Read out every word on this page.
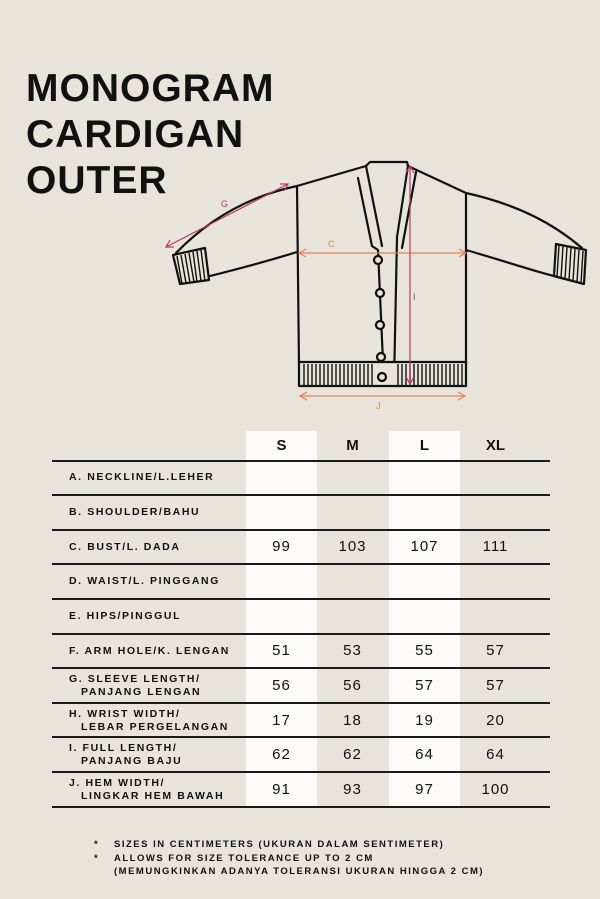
MONOGRAM
CARDIGAN
OUTER
G
C
I
J
S	M	L	XL
A. NECKLINE/L.LEHER
B. SHOULDER/BAHU
C. BUST/L. DADA	99	103	107	111
D. WAIST/L. PINGGANG
E. HIPS/PINGGUL
F. ARM HOLE/K. LENGAN	51	53	55	57
G. SLEEVE LENGTH/
PANJANG LENGAN	56	56	57	57
H. WRIST WIDTH/
LEBAR PERGELANGAN	17	18	19	20
I. FULL LENGTH/
PANJANG BAJU	62	62	64	64
J. HEM WIDTH/
LINGKAR HEM BAWAH	91	93	97	100
* SIZES IN CENTIMETERS (UKURAN DALAM SENTIMETER)
* ALLOWS FOR SIZE TOLERANCE UP TO 2 CM
(MEMUNGKINKAN ADANYA TOLERANSI UKURAN HINGGA 2 CM)
